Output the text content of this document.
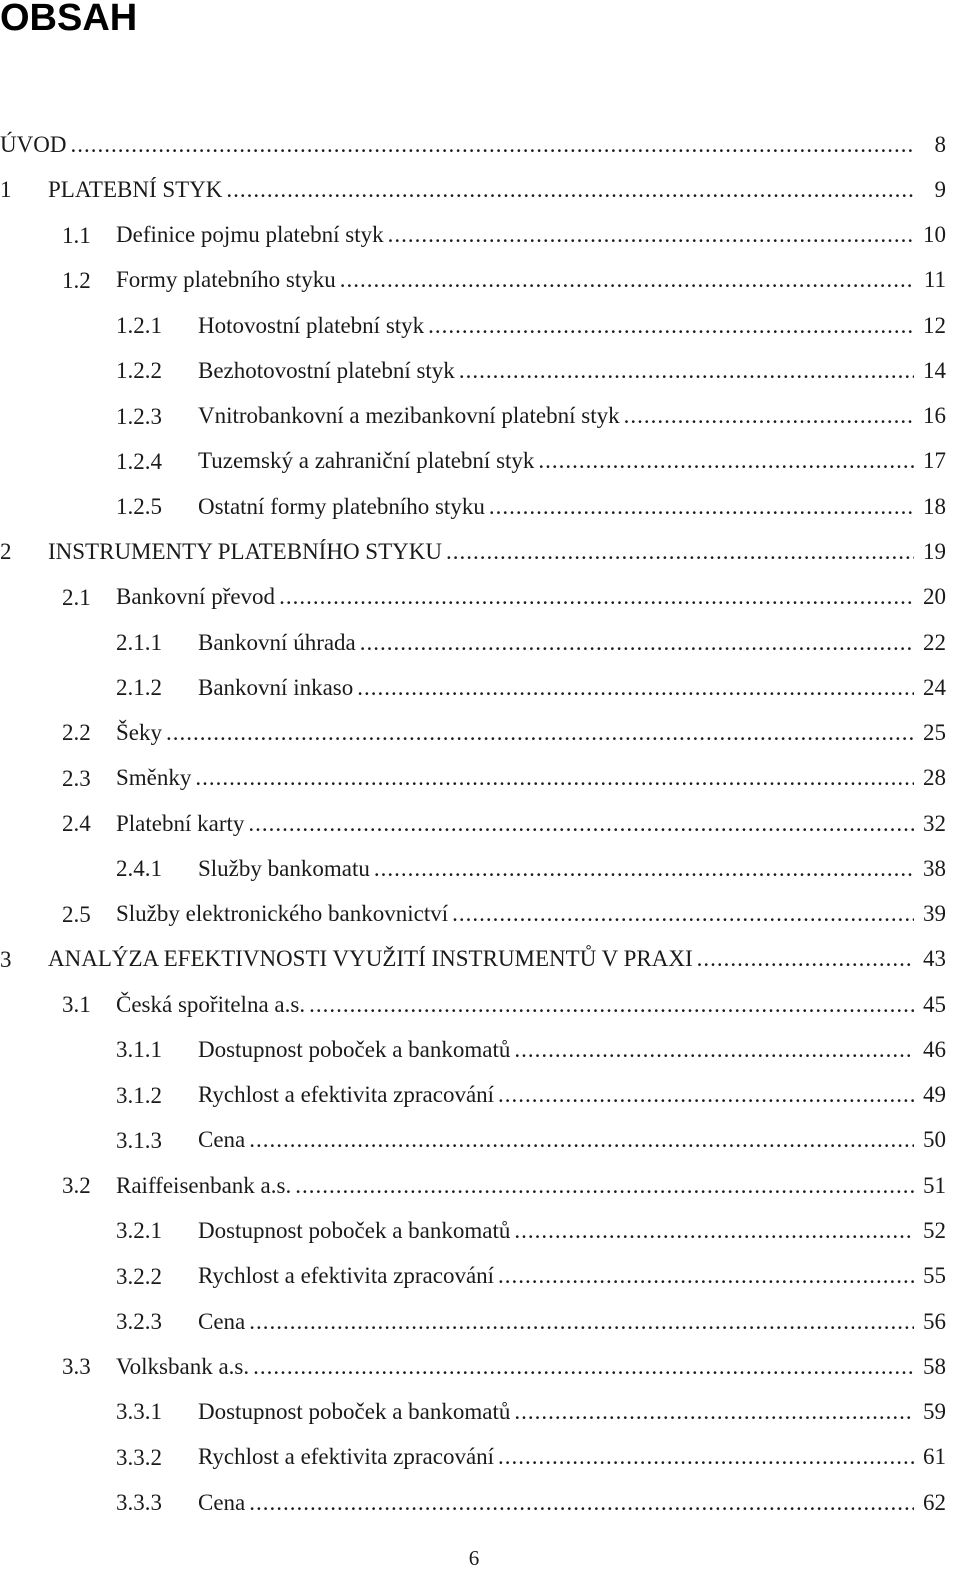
OBSAH
ÚVOD .....	8
1 PLATEBNÍ STYK .....	9
1.1 Definice pojmu platební styk .....	10
1.2 Formy platebního styku .....	11
1.2.1 Hotovostní platební styk .....	12
1.2.2 Bezhotovostní platební styk .....	14
1.2.3 Vnitrobankovní a mezibankovní platební styk .....	16
1.2.4 Tuzemský a zahraniční platební styk .....	17
1.2.5 Ostatní formy platebního styku .....	18
2 INSTRUMENTY PLATEBNÍHO STYKU .....	19
2.1 Bankovní převod .....	20
2.1.1 Bankovní úhrada .....	22
2.1.2 Bankovní inkaso .....	24
2.2 Šeky .....	25
2.3 Směnky .....	28
2.4 Platební karty .....	32
2.4.1 Služby bankomatu .....	38
2.5 Služby elektronického bankovnictví .....	39
3 ANALÝZA EFEKTIVNOSTI VYUŽITÍ INSTRUMENTŮ V PRAXI .....	43
3.1 Česká spořitelna a.s. .....	45
3.1.1 Dostupnost poboček a bankomatů .....	46
3.1.2 Rychlost a efektivita zpracování .....	49
3.1.3 Cena .....	50
3.2 Raiffeisenbank a.s. .....	51
3.2.1 Dostupnost poboček a bankomatů .....	52
3.2.2 Rychlost a efektivita zpracování .....	55
3.2.3 Cena .....	56
3.3 Volksbank a.s. .....	58
3.3.1 Dostupnost poboček a bankomatů .....	59
3.3.2 Rychlost a efektivita zpracování .....	61
3.3.3 Cena .....	62
6
